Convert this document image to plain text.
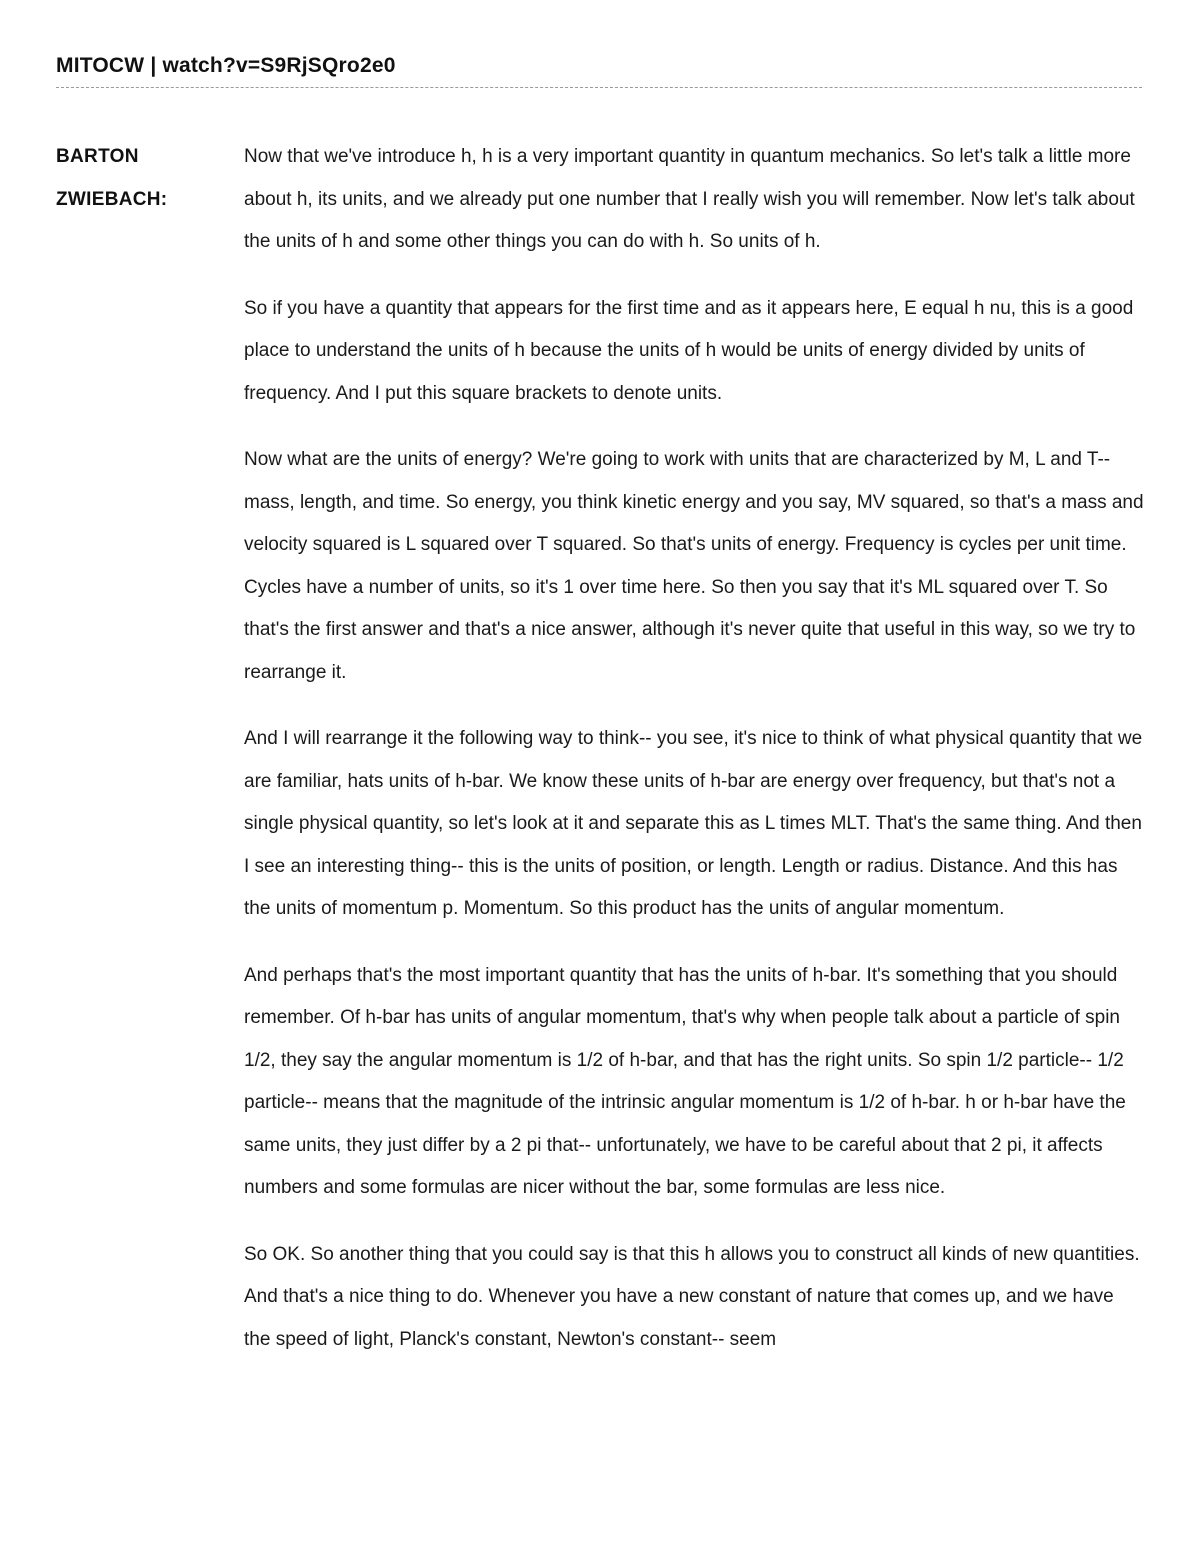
MITOCW | watch?v=S9RjSQro2e0
BARTON
ZWIEBACH:

Now that we've introduce h, h is a very important quantity in quantum mechanics. So let's talk a little more about h, its units, and we already put one number that I really wish you will remember. Now let's talk about the units of h and some other things you can do with h. So units of h.

So if you have a quantity that appears for the first time and as it appears here, E equal h nu, this is a good place to understand the units of h because the units of h would be units of energy divided by units of frequency. And I put this square brackets to denote units.

Now what are the units of energy? We're going to work with units that are characterized by M, L and T-- mass, length, and time. So energy, you think kinetic energy and you say, MV squared, so that's a mass and velocity squared is L squared over T squared. So that's units of energy. Frequency is cycles per unit time. Cycles have a number of units, so it's 1 over time here. So then you say that it's ML squared over T. So that's the first answer and that's a nice answer, although it's never quite that useful in this way, so we try to rearrange it.

And I will rearrange it the following way to think-- you see, it's nice to think of what physical quantity that we are familiar, hats units of h-bar. We know these units of h-bar are energy over frequency, but that's not a single physical quantity, so let's look at it and separate this as L times MLT. That's the same thing. And then I see an interesting thing-- this is the units of position, or length. Length or radius. Distance. And this has the units of momentum p. Momentum. So this product has the units of angular momentum.

And perhaps that's the most important quantity that has the units of h-bar. It's something that you should remember. Of h-bar has units of angular momentum, that's why when people talk about a particle of spin 1/2, they say the angular momentum is 1/2 of h-bar, and that has the right units. So spin 1/2 particle-- 1/2 particle-- means that the magnitude of the intrinsic angular momentum is 1/2 of h-bar. h or h-bar have the same units, they just differ by a 2 pi that-- unfortunately, we have to be careful about that 2 pi, it affects numbers and some formulas are nicer without the bar, some formulas are less nice.

So OK. So another thing that you could say is that this h allows you to construct all kinds of new quantities. And that's a nice thing to do. Whenever you have a new constant of nature that comes up, and we have the speed of light, Planck's constant, Newton's constant-- seem
